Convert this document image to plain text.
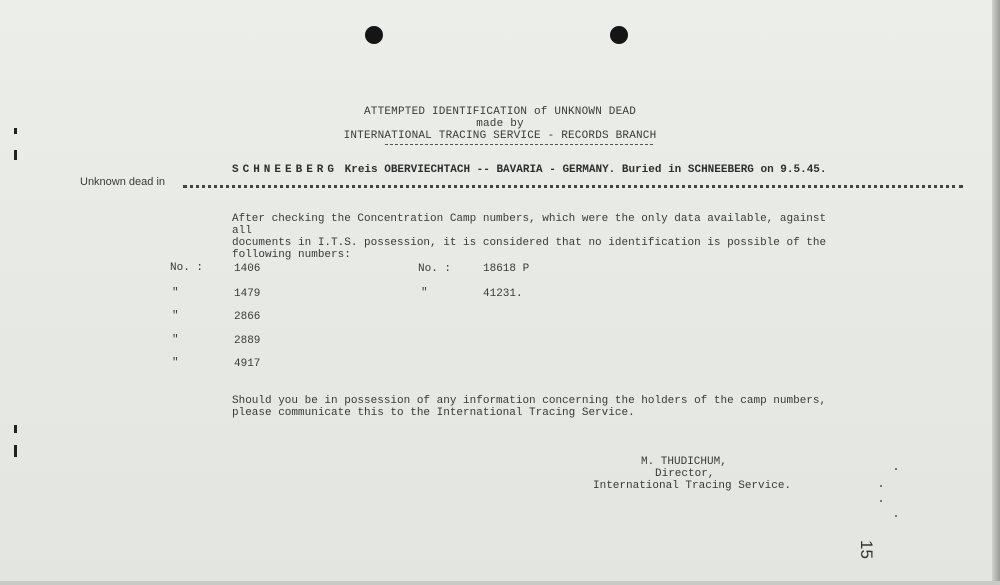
ATTEMPTED IDENTIFICATION of UNKNOWN DEAD
made by
INTERNATIONAL TRACING SERVICE - RECORDS BRANCH
SCHNEEBERG Kreis OBERVIECHTACH -- BAVARIA - GERMANY. Buried in SCHNEEBERG on 9.5.45.
Unknown dead in
After checking the Concentration Camp numbers, which were the only data available, against all
documents in I.T.S. possession, it is considered that no identification is possible of the
following numbers:
No. :
"
"
"
"
1406
1479
2866
2889
4917
No. :
"
18618 P
41231.
Should you be in possession of any information concerning the holders of the camp numbers,
please communicate this to the International Tracing Service.
M. THUDICHUM,
Director,
International Tracing Service.
15
